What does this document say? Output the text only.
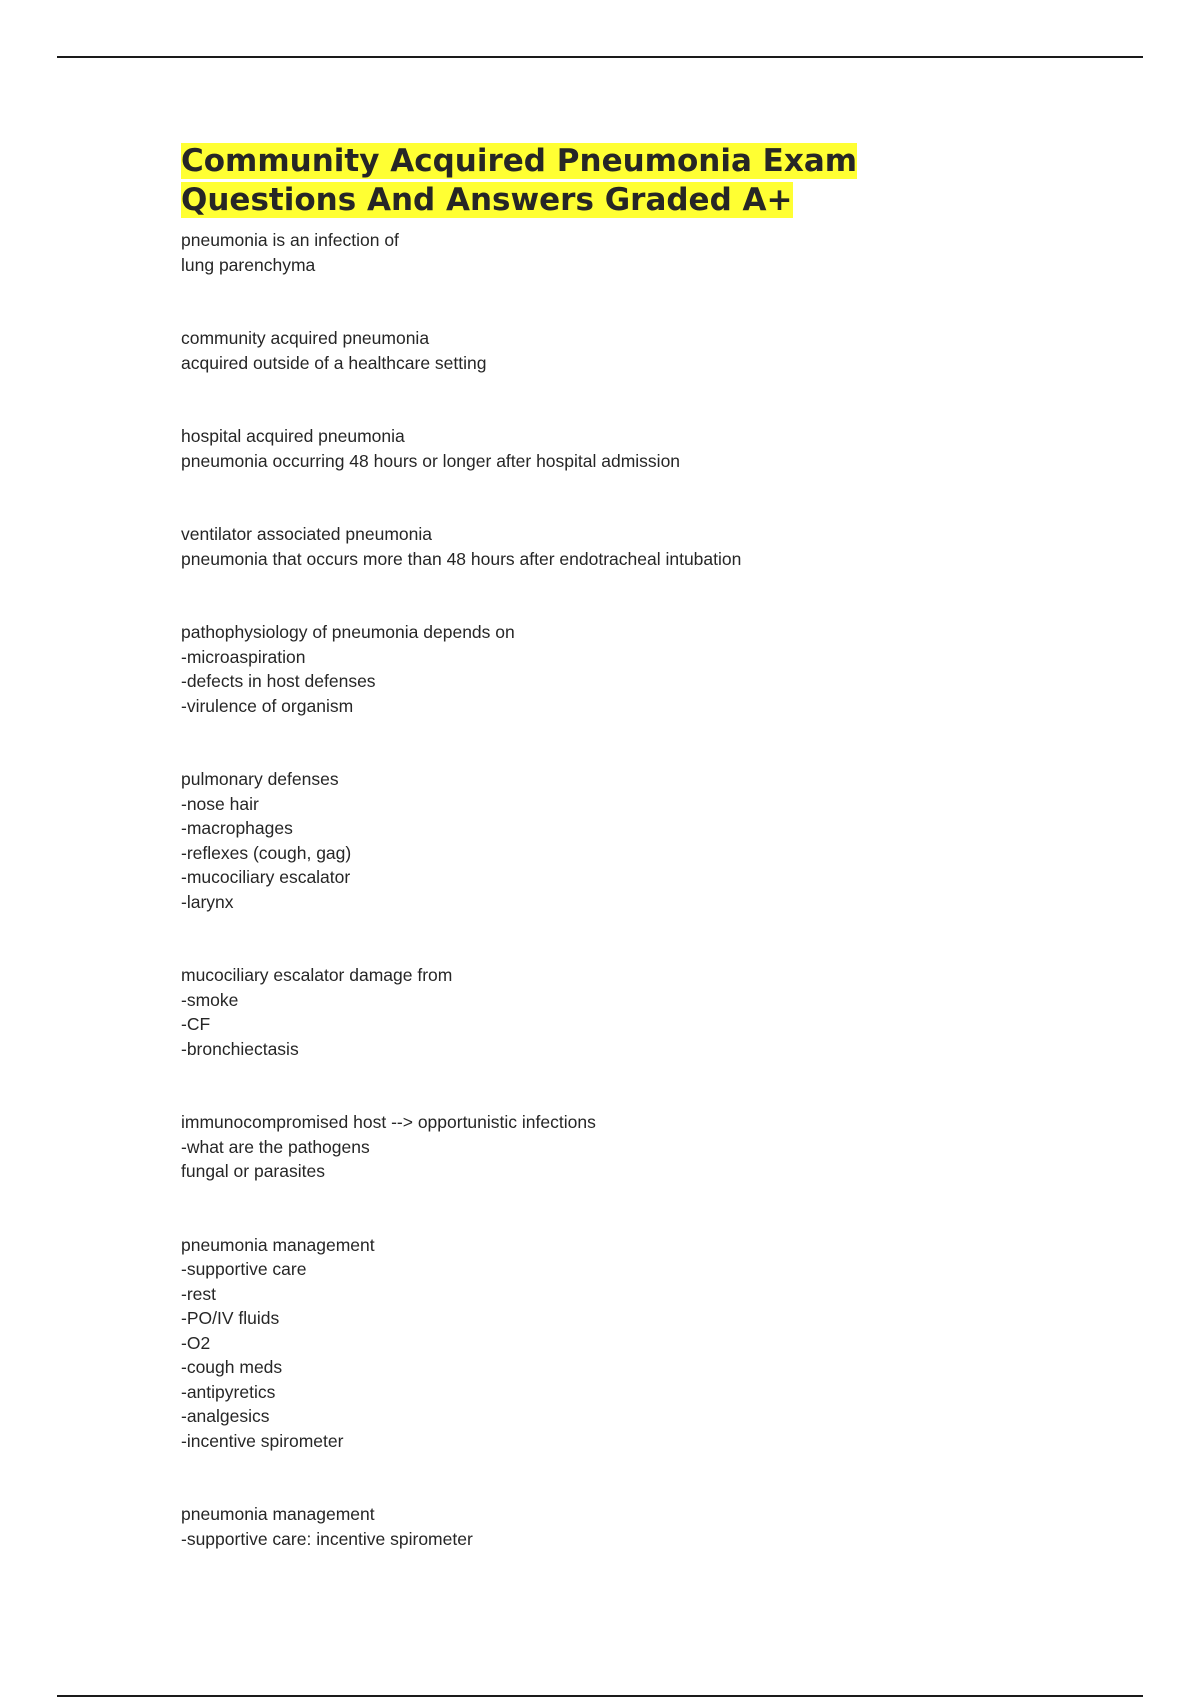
Community Acquired Pneumonia Exam
Questions And Answers Graded A+
pneumonia is an infection of
lung parenchyma
community acquired pneumonia
acquired outside of a healthcare setting
hospital acquired pneumonia
pneumonia occurring 48 hours or longer after hospital admission
ventilator associated pneumonia
pneumonia that occurs more than 48 hours after endotracheal intubation
pathophysiology of pneumonia depends on
-microaspiration
-defects in host defenses
-virulence of organism
pulmonary defenses
-nose hair
-macrophages
-reflexes (cough, gag)
-mucociliary escalator
-larynx
mucociliary escalator damage from
-smoke
-CF
-bronchiectasis
immunocompromised host --> opportunistic infections
-what are the pathogens
fungal or parasites
pneumonia management
-supportive care
-rest
-PO/IV fluids
-O2
-cough meds
-antipyretics
-analgesics
-incentive spirometer
pneumonia management
-supportive care: incentive spirometer
